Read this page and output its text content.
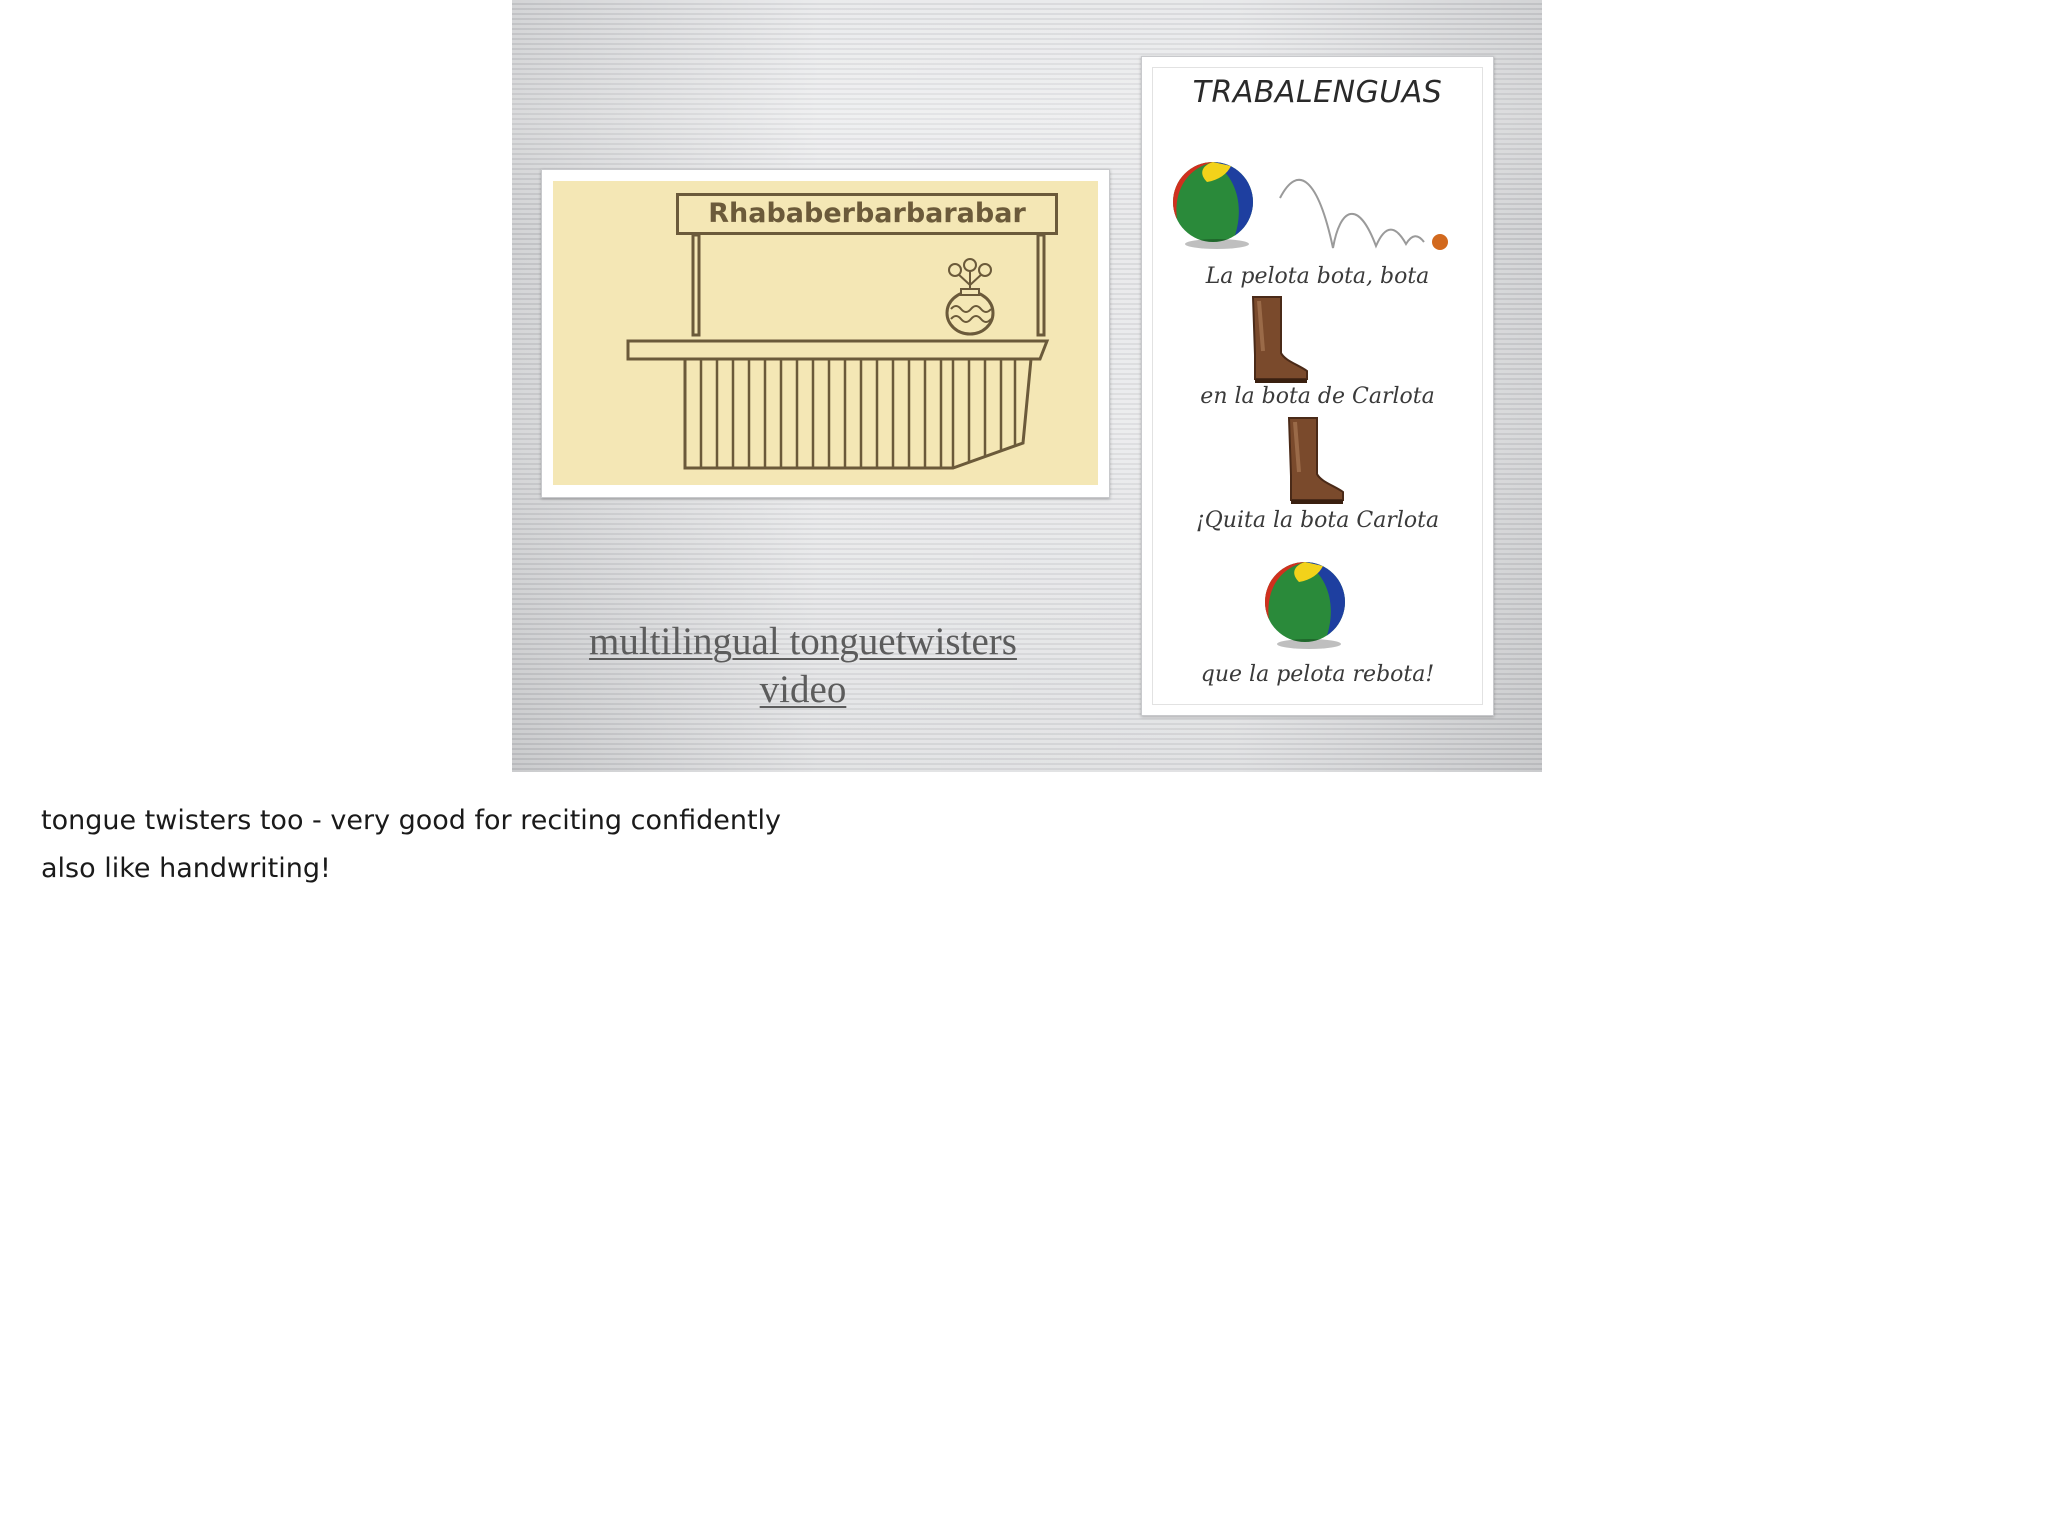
Rhababerbarbarabar
multilingual tonguetwisters
video
TRABALENGUAS
La pelota bota, bota
en la bota de Carlota
¡Quita la bota Carlota
que la pelota rebota!
tongue twisters too - very good for reciting confidently
also like handwriting!
